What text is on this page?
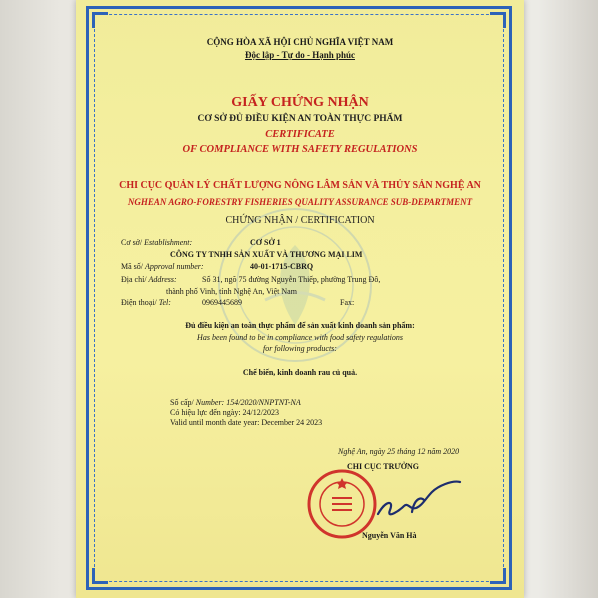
CỘNG HÒA XÃ HỘI CHỦ NGHĨA VIỆT NAM
Độc lập - Tự do - Hạnh phúc
GIẤY CHỨNG NHẬN
CƠ SỞ ĐỦ ĐIỀU KIỆN AN TOÀN THỰC PHẨM
CERTIFICATE
OF COMPLIANCE WITH SAFETY REGULATIONS
CHI CỤC QUẢN LÝ CHẤT LƯỢNG NÔNG LÂM SẢN VÀ THỦY SẢN NGHỆ AN
NGHEAN AGRO-FORESTRY FISHERIES QUALITY ASSURANCE SUB-DEPARTMENT
CHỨNG NHẬN / CERTIFICATION
Cơ sở/ Establishment:	CƠ SỞ 1
CÔNG TY TNHH SẢN XUẤT VÀ THƯƠNG MẠI LIM
Mã số/ Approval number:	40-01-1715-CBRQ
Địa chỉ/ Address:	Số 31, ngõ 75 đường Nguyễn Thiếp, phường Trung Đô,
thành phố Vinh, tỉnh Nghệ An, Việt Nam
Điện thoại/ Tel:	0969445689	Fax:
Đủ điều kiện an toàn thực phẩm để sản xuất kinh doanh sản phẩm:
Has been found to be in compliance with food safety regulations
for following products:
Chế biến, kinh doanh rau củ quả.
Số cấp/ Number: 154/2020/NNPTNT-NA
Có hiệu lực đến ngày: 24/12/2023
Valid until month date year: December 24 2023
Nghệ An, ngày 25 tháng 12 năm 2020
CHI CỤC TRƯỞNG
Nguyễn Văn Hà
